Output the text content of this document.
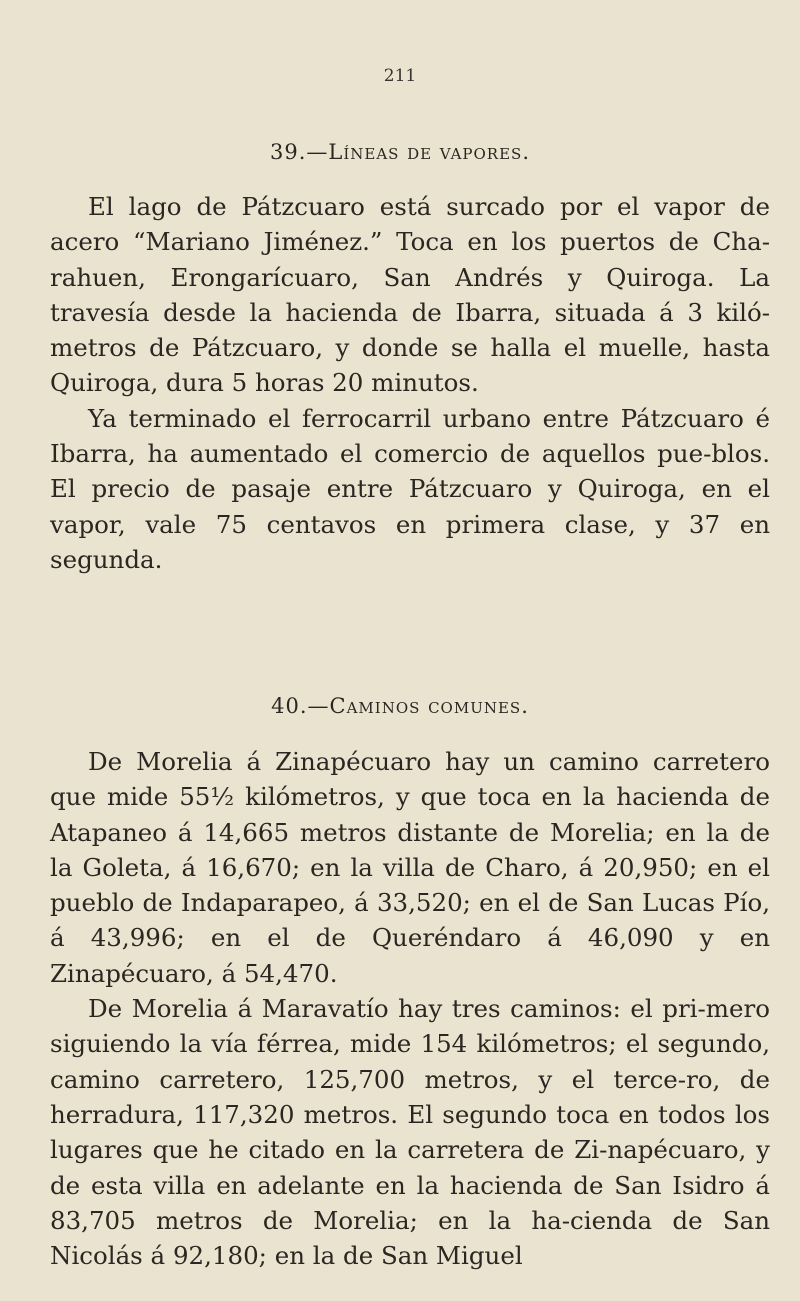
211
39.—Líneas de vapores.

El lago de Pátzcuaro está surcado por el vapor de acero “Mariano Jiménez.” Toca en los puertos de Cha-rahuen, Erongarícuaro, San Andrés y Quiroga. La travesía desde la hacienda de Ibarra, situada á 3 kiló-metros de Pátzcuaro, y donde se halla el muelle, hasta Quiroga, dura 5 horas 20 minutos.

Ya terminado el ferrocarril urbano entre Pátzcuaro é Ibarra, ha aumentado el comercio de aquellos pue-blos. El precio de pasaje entre Pátzcuaro y Quiroga, en el vapor, vale 75 centavos en primera clase, y 37 en segunda.

40.—Caminos comunes.

De Morelia á Zinapécuaro hay un camino carretero que mide 55½ kilómetros, y que toca en la hacienda de Atapaneo á 14,665 metros distante de Morelia; en la de la Goleta, á 16,670; en la villa de Charo, á 20,950; en el pueblo de Indaparapeo, á 33,520; en el de San Lucas Pío, á 43,996; en el de Queréndaro á 46,090 y en Zinapécuaro, á 54,470.

De Morelia á Maravatío hay tres caminos: el pri-mero siguiendo la vía férrea, mide 154 kilómetros; el segundo, camino carretero, 125,700 metros, y el terce-ro, de herradura, 117,320 metros. El segundo toca en todos los lugares que he citado en la carretera de Zi-napécuaro, y de esta villa en adelante en la hacienda de San Isidro á 83,705 metros de Morelia; en la ha-cienda de San Nicolás á 92,180; en la de San Miguel
